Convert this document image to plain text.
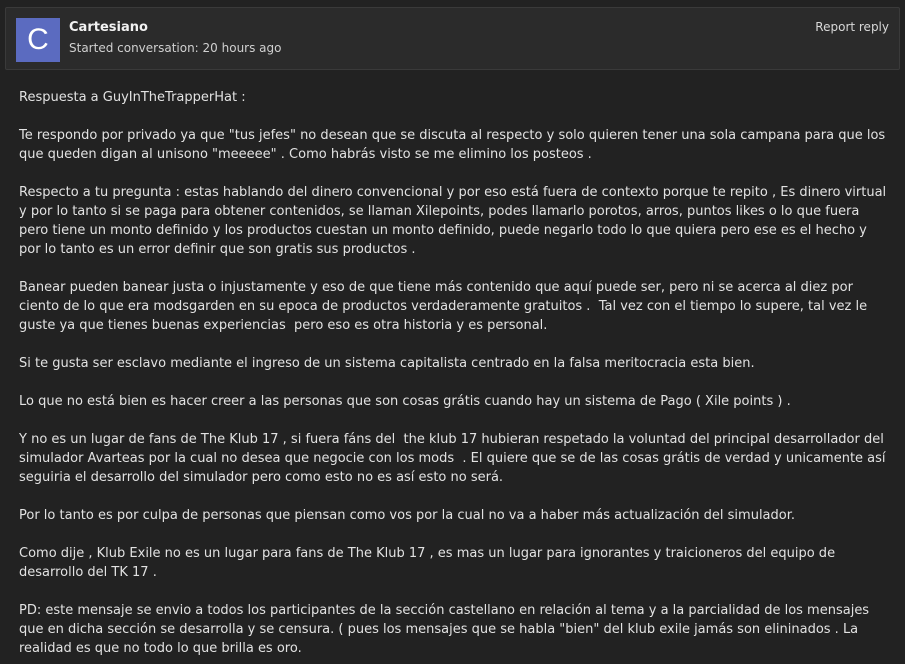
C	Cartesiano
Started conversation: 20 hours ago
Report reply

Respuesta a GuyInTheTrapperHat :

Te respondo por privado ya que "tus jefes" no desean que se discuta al respecto y solo quieren tener una sola campana para que los que queden digan al unisono "meeeee" . Como habrás visto se me elimino los posteos .

Respecto a tu pregunta : estas hablando del dinero convencional y por eso está fuera de contexto porque te repito , Es dinero virtual y por lo tanto si se paga para obtener contenidos, se llaman Xilepoints, podes llamarlo porotos, arros, puntos likes o lo que fuera pero tiene un monto definido y los productos cuestan un monto definido, puede negarlo todo lo que quiera pero ese es el hecho y por lo tanto es un error definir que son gratis sus productos .

Banear pueden banear justa o injustamente y eso de que tiene más contenido que aquí puede ser, pero ni se acerca al diez por ciento de lo que era modsgarden en su epoca de productos verdaderamente gratuitos .  Tal vez con el tiempo lo supere, tal vez le guste ya que tienes buenas experiencias  pero eso es otra historia y es personal.

Si te gusta ser esclavo mediante el ingreso de un sistema capitalista centrado en la falsa meritocracia esta bien.

Lo que no está bien es hacer creer a las personas que son cosas grátis cuando hay un sistema de Pago ( Xile points ) .

Y no es un lugar de fans de The Klub 17 , si fuera fáns del  the klub 17 hubieran respetado la voluntad del principal desarrollador del simulador Avarteas por la cual no desea que negocie con los mods  . El quiere que se de las cosas grátis de verdad y unicamente así seguiria el desarrollo del simulador pero como esto no es así esto no será.

Por lo tanto es por culpa de personas que piensan como vos por la cual no va a haber más actualización del simulador.

Como dije , Klub Exile no es un lugar para fans de The Klub 17 , es mas un lugar para ignorantes y traicioneros del equipo de desarrollo del TK 17 .

PD: este mensaje se envio a todos los participantes de la sección castellano en relación al tema y a la parcialidad de los mensajes que en dicha sección se desarrolla y se censura. ( pues los mensajes que se habla "bien" del klub exile jamás son elininados . La realidad es que no todo lo que brilla es oro.
